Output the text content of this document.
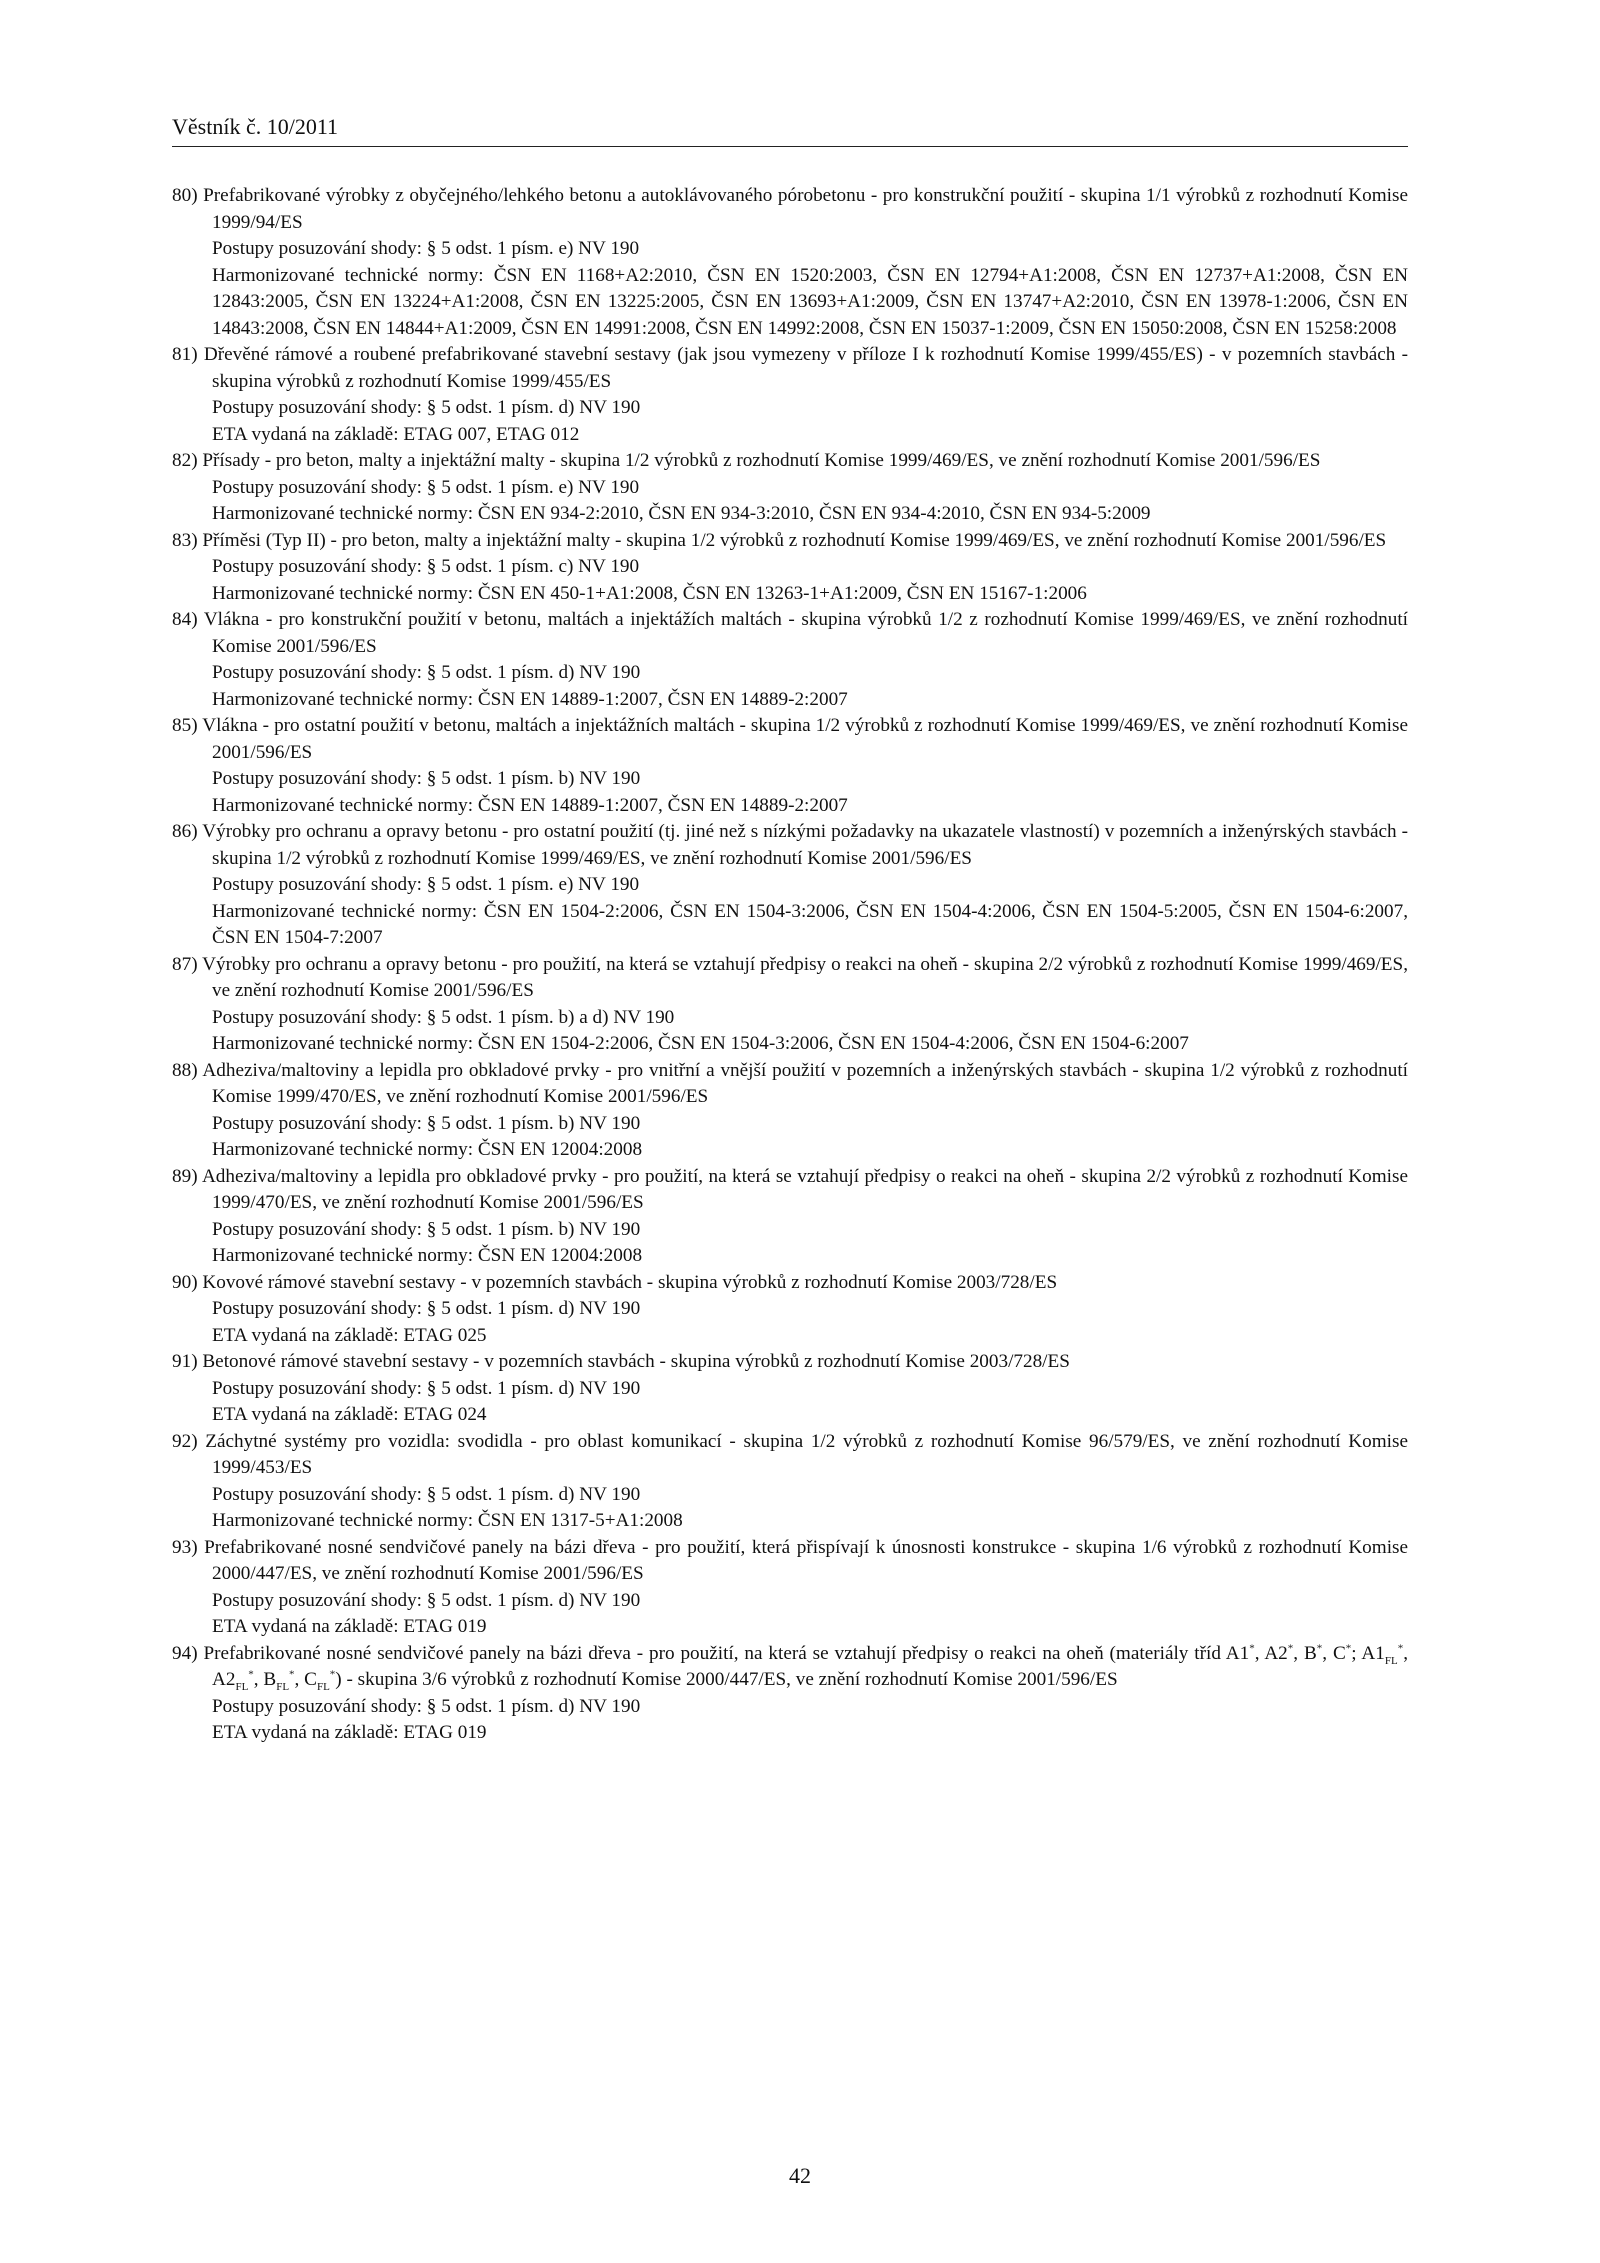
Věstník č. 10/2011
80) Prefabrikované výrobky z obyčejného/lehkého betonu a autoklávovaného pórobetonu - pro konstrukční použití - skupina 1/1 výrobků z rozhodnutí Komise 1999/94/ES
Postupy posuzování shody: § 5 odst. 1 písm. e) NV 190
Harmonizované technické normy: ČSN EN 1168+A2:2010, ČSN EN 1520:2003, ČSN EN 12794+A1:2008, ČSN EN 12737+A1:2008, ČSN EN 12843:2005, ČSN EN 13224+A1:2008, ČSN EN 13225:2005, ČSN EN 13693+A1:2009, ČSN EN 13747+A2:2010, ČSN EN 13978-1:2006, ČSN EN 14843:2008, ČSN EN 14844+A1:2009, ČSN EN 14991:2008, ČSN EN 14992:2008, ČSN EN 15037-1:2009, ČSN EN 15050:2008, ČSN EN 15258:2008
81) Dřevěné rámové a roubené prefabrikované stavební sestavy (jak jsou vymezeny v příloze I k rozhodnutí Komise 1999/455/ES) - v pozemních stavbách - skupina výrobků z rozhodnutí Komise 1999/455/ES
Postupy posuzování shody: § 5 odst. 1 písm. d) NV 190
ETA vydaná na základě: ETAG 007, ETAG 012
82) Přísady - pro beton, malty a injektážní malty - skupina 1/2 výrobků z rozhodnutí Komise 1999/469/ES, ve znění rozhodnutí Komise 2001/596/ES
Postupy posuzování shody: § 5 odst. 1 písm. e) NV 190
Harmonizované technické normy: ČSN EN 934-2:2010, ČSN EN 934-3:2010, ČSN EN 934-4:2010, ČSN EN 934-5:2009
83) Příměsi (Typ II) - pro beton, malty a injektážní malty - skupina 1/2 výrobků z rozhodnutí Komise 1999/469/ES, ve znění rozhodnutí Komise 2001/596/ES
Postupy posuzování shody: § 5 odst. 1 písm. c) NV 190
Harmonizované technické normy: ČSN EN 450-1+A1:2008, ČSN EN 13263-1+A1:2009, ČSN EN 15167-1:2006
84) Vlákna - pro konstrukční použití v betonu, maltách a injektážích maltách - skupina výrobků 1/2 z rozhodnutí Komise 1999/469/ES, ve znění rozhodnutí Komise 2001/596/ES
Postupy posuzování shody: § 5 odst. 1 písm. d) NV 190
Harmonizované technické normy: ČSN EN 14889-1:2007, ČSN EN 14889-2:2007
85) Vlákna - pro ostatní použití v betonu, maltách a injektážních maltách - skupina 1/2 výrobků z rozhodnutí Komise 1999/469/ES, ve znění rozhodnutí Komise 2001/596/ES
Postupy posuzování shody: § 5 odst. 1 písm. b) NV 190
Harmonizované technické normy: ČSN EN 14889-1:2007, ČSN EN 14889-2:2007
86) Výrobky pro ochranu a opravy betonu - pro ostatní použití (tj. jiné než s nízkými požadavky na ukazatele vlastností) v pozemních a inženýrských stavbách - skupina 1/2 výrobků z rozhodnutí Komise 1999/469/ES, ve znění rozhodnutí Komise 2001/596/ES
Postupy posuzování shody: § 5 odst. 1 písm. e) NV 190
Harmonizované technické normy: ČSN EN 1504-2:2006, ČSN EN 1504-3:2006, ČSN EN 1504-4:2006, ČSN EN 1504-5:2005, ČSN EN 1504-6:2007, ČSN EN 1504-7:2007
87) Výrobky pro ochranu a opravy betonu - pro použití, na která se vztahují předpisy o reakci na oheň - skupina 2/2 výrobků z rozhodnutí Komise 1999/469/ES, ve znění rozhodnutí Komise 2001/596/ES
Postupy posuzování shody: § 5 odst. 1 písm. b) a d) NV 190
Harmonizované technické normy: ČSN EN 1504-2:2006, ČSN EN 1504-3:2006, ČSN EN 1504-4:2006, ČSN EN 1504-6:2007
88) Adheziva/maltoviny a lepidla pro obkladové prvky - pro vnitřní a vnější použití v pozemních a inženýrských stavbách - skupina 1/2 výrobků z rozhodnutí Komise 1999/470/ES, ve znění rozhodnutí Komise 2001/596/ES
Postupy posuzování shody: § 5 odst. 1 písm. b) NV 190
Harmonizované technické normy: ČSN EN 12004:2008
89) Adheziva/maltoviny a lepidla pro obkladové prvky - pro použití, na která se vztahují předpisy o reakci na oheň - skupina 2/2 výrobků z rozhodnutí Komise 1999/470/ES, ve znění rozhodnutí Komise 2001/596/ES
Postupy posuzování shody: § 5 odst. 1 písm. b) NV 190
Harmonizované technické normy: ČSN EN 12004:2008
90) Kovové rámové stavební sestavy - v pozemních stavbách - skupina výrobků z rozhodnutí Komise 2003/728/ES
Postupy posuzování shody: § 5 odst. 1 písm. d) NV 190
ETA vydaná na základě: ETAG 025
91) Betonové rámové stavební sestavy - v pozemních stavbách - skupina výrobků z rozhodnutí Komise 2003/728/ES
Postupy posuzování shody: § 5 odst. 1 písm. d) NV 190
ETA vydaná na základě: ETAG 024
92) Záchytné systémy pro vozidla: svodidla - pro oblast komunikací - skupina 1/2 výrobků z rozhodnutí Komise 96/579/ES, ve znění rozhodnutí Komise 1999/453/ES
Postupy posuzování shody: § 5 odst. 1 písm. d) NV 190
Harmonizované technické normy: ČSN EN 1317-5+A1:2008
93) Prefabrikované nosné sendvičové panely na bázi dřeva - pro použití, která přispívají k únosnosti konstrukce - skupina 1/6 výrobků z rozhodnutí Komise 2000/447/ES, ve znění rozhodnutí Komise 2001/596/ES
Postupy posuzování shody: § 5 odst. 1 písm. d) NV 190
ETA vydaná na základě: ETAG 019
94) Prefabrikované nosné sendvičové panely na bázi dřeva - pro použití, na která se vztahují předpisy o reakci na oheň (materiály tříd A1*, A2*, B*, C*; $A1_{FL}^*$, $A2_{FL}^*$, $B_{FL}^*$, $C_{FL}^*$) - skupina 3/6 výrobků z rozhodnutí Komise 2000/447/ES, ve znění rozhodnutí Komise 2001/596/ES
Postupy posuzování shody: § 5 odst. 1 písm. d) NV 190
ETA vydaná na základě: ETAG 019
42
